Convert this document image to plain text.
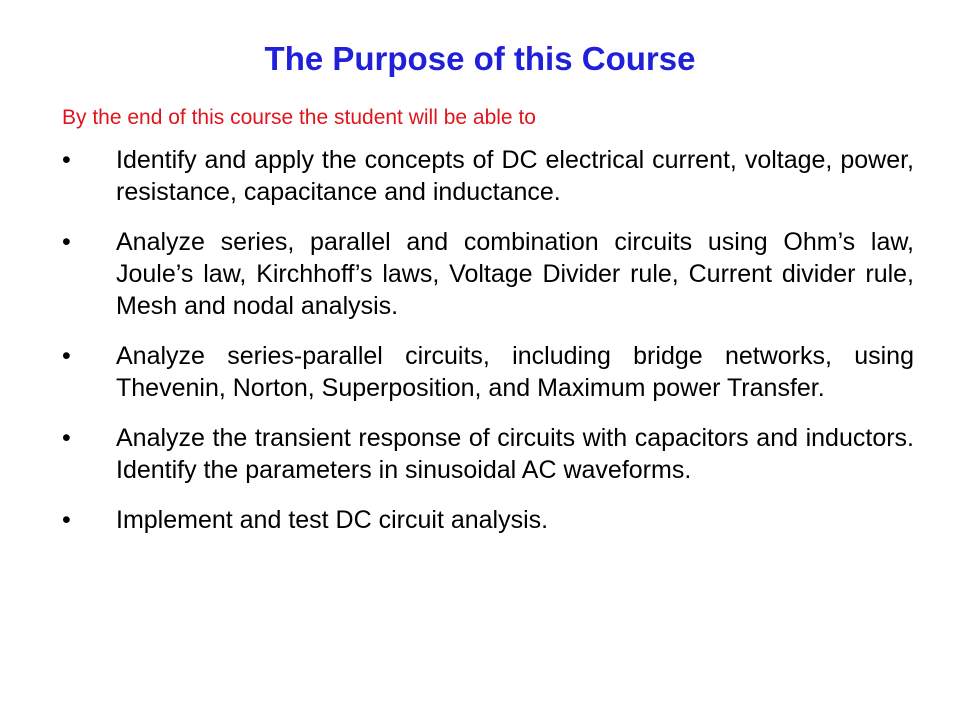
The Purpose of this Course
By the end of this course the student will be able to
• Identify and apply the concepts of DC electrical current, voltage, power, resistance, capacitance and inductance.
• Analyze series, parallel and combination circuits using Ohm’s law, Joule’s law, Kirchhoff’s laws, Voltage Divider rule, Current divider rule, Mesh and nodal analysis.
• Analyze series-parallel circuits, including bridge networks, using Thevenin, Norton, Superposition, and Maximum power Transfer.
• Analyze the transient response of circuits with capacitors and inductors. Identify the parameters in sinusoidal AC waveforms.
• Implement and test DC circuit analysis.
